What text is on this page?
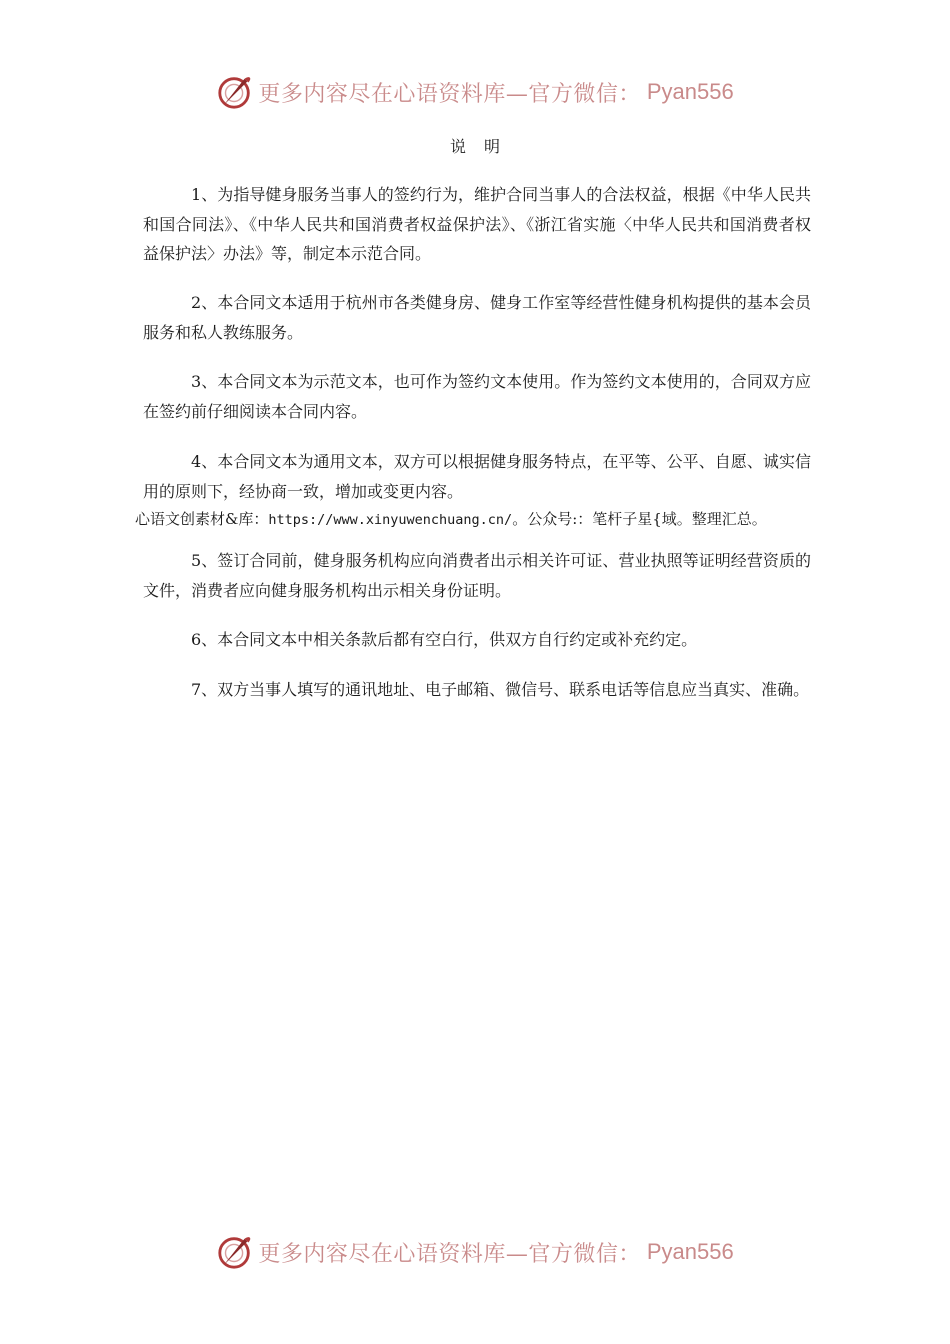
更多内容尽在心语资料库—官方微信： Pyan556
说明

1、为指导健身服务当事人的签约行为，维护合同当事人的合法权益，根据《中华人民共和国合同法》、《中华人民共和国消费者权益保护法》、《浙江省实施〈中华人民共和国消费者权益保护法〉办法》等，制定本示范合同。

2、本合同文本适用于杭州市各类健身房、健身工作室等经营性健身机构提供的基本会员服务和私人教练服务。

3、本合同文本为示范文本，也可作为签约文本使用。作为签约文本使用的，合同双方应在签约前仔细阅读本合同内容。

4、本合同文本为通用文本，双方可以根据健身服务特点，在平等、公平、自愿、诚实信用的原则下，经协商一致，增加或变更内容。

心语文创素材&库：https://www.xinyuwenchuang.cn/。公众号:：笔杆子星{域。整理汇总。

5、签订合同前，健身服务机构应向消费者出示相关许可证、营业执照等证明经营资质的文件，消费者应向健身服务机构出示相关身份证明。

6、本合同文本中相关条款后都有空白行，供双方自行约定或补充约定。

7、双方当事人填写的通讯地址、电子邮箱、微信号、联系电话等信息应当真实、准确。

更多内容尽在心语资料库—官方微信： Pyan556
